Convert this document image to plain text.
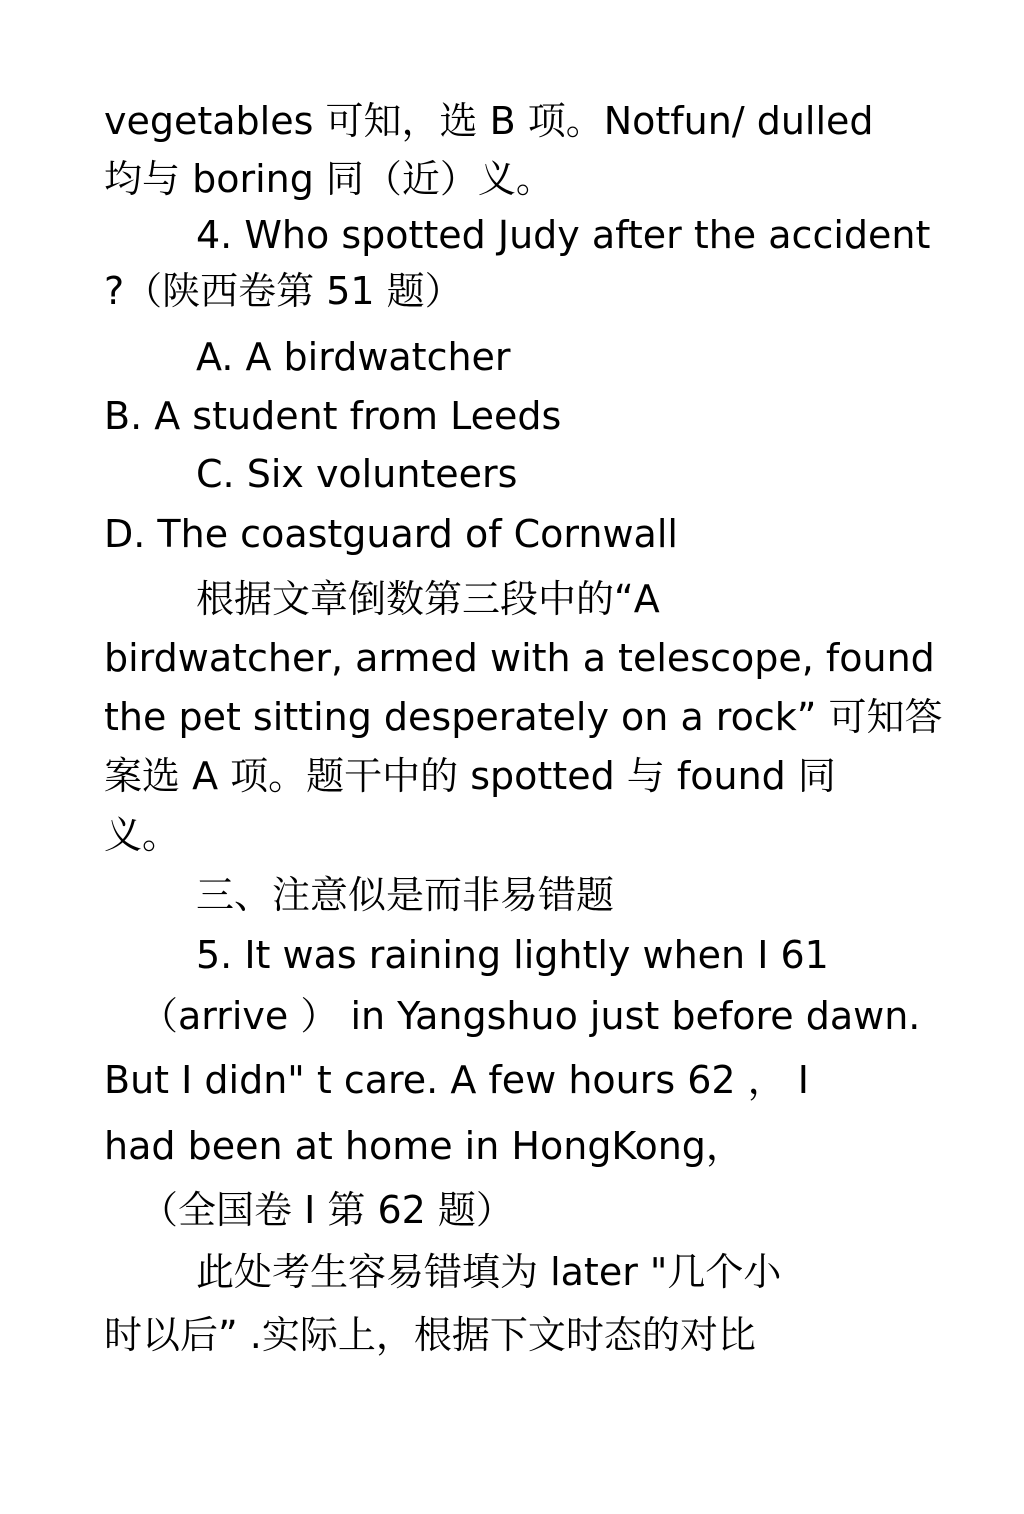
vegetables 可知，选 B 项。Notfun/ dulled
均与 boring 同（近）义。
4. Who spotted Judy after the accident
?（陕西卷第 51 题）
A. A birdwatcher
B. A student from Leeds
C. Six volunteers
D. The coastguard of Cornwall
根据文章倒数第三段中的“A
birdwatcher, armed with a telescope, found
the pet sitting desperately on a rock” 可知答
案选 A 项。题干中的 spotted 与 found 同
义。
三、注意似是而非易错题
5. It was raining lightly when I 61
（arrive ） in Yangshuo just before dawn.
But I didn" t care. A few hours 62 ， I
had been at home in HongKong，
（全国卷 I 第 62 题）
此处考生容易错填为 later "几个小
时以后” .实际上，根据下文时态的对比
